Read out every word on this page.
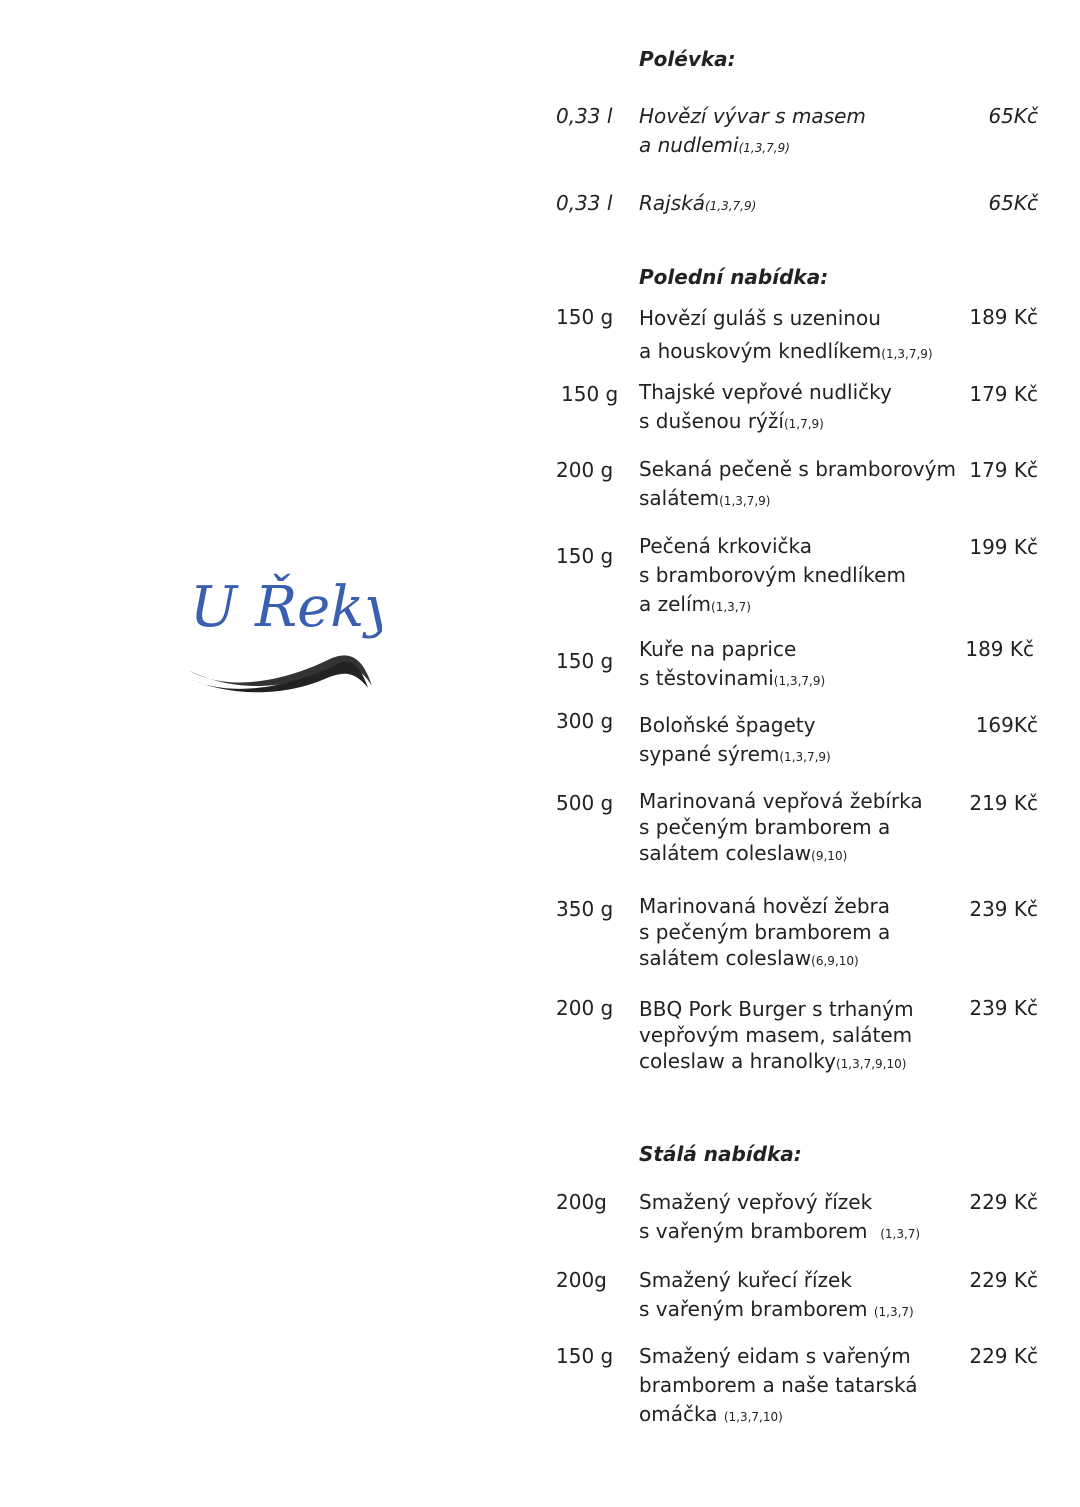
U Řeky
Polévka:
0,33 l Hovězí vývar s masem
a nudlemi(1,3,7,9)
65Kč
0,33 l Rajská(1,3,7,9)	65Kč
Polední nabídka:
150 g Hovězí guláš s uzeninou
a houskovým knedlíkem(1,3,7,9)
189 Kč
150 g Thajské vepřové nudličky
s dušenou rýží(1,7,9)
179 Kč
200 g Sekaná pečeně s bramborovým
salátem(1,3,7,9)
179 Kč
150 g Pečená krkovička
s bramborovým knedlíkem
a zelím(1,3,7)
199 Kč
150 g Kuře na paprice
s těstovinami(1,3,7,9)
189 Kč
300 g Boloňské špagety
sypané sýrem(1,3,7,9)
169Kč
500 g Marinovaná vepřová žebírka
s pečeným bramborem a
salátem coleslaw(9,10)
219 Kč
350 g Marinovaná hovězí žebra
s pečeným bramborem a
salátem coleslaw(6,9,10)
239 Kč
200 g BBQ Pork Burger s trhaným
vepřovým masem, salátem
coleslaw a hranolky(1,3,7,9,10)
239 Kč
Stálá nabídka:
200g Smažený vepřový řízek
s vařeným bramborem  (1,3,7)
229 Kč
200g Smažený kuřecí řízek
s vařeným bramborem (1,3,7)
229 Kč
150 g Smažený eidam s vařeným
bramborem a naše tatarská
omáčka (1,3,7,10)
229 Kč
